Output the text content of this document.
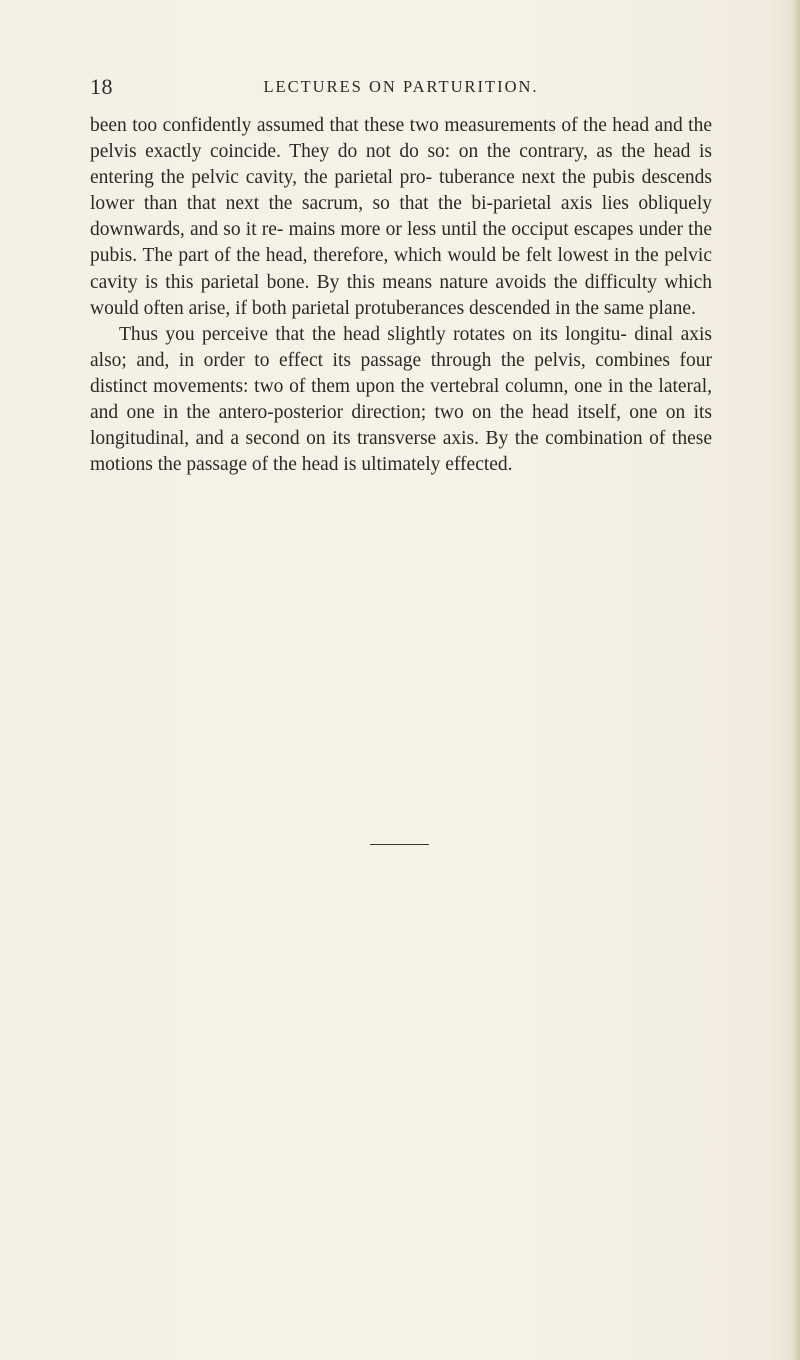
18	LECTURES ON PARTURITION.

been too confidently assumed that these two measurements of the head and the pelvis exactly coincide. They do not do so: on the contrary, as the head is entering the pelvic cavity, the parietal pro- tuberance next the pubis descends lower than that next the sacrum, so that the bi-parietal axis lies obliquely downwards, and so it re- mains more or less until the occiput escapes under the pubis. The part of the head, therefore, which would be felt lowest in the pelvic cavity is this parietal bone. By this means nature avoids the difficulty which would often arise, if both parietal protuberances descended in the same plane.

Thus you perceive that the head slightly rotates on its longitu- dinal axis also; and, in order to effect its passage through the pelvis, combines four distinct movements: two of them upon the vertebral column, one in the lateral, and one in the antero-posterior direction; two on the head itself, one on its longitudinal, and a second on its transverse axis. By the combination of these motions the passage of the head is ultimately effected.
